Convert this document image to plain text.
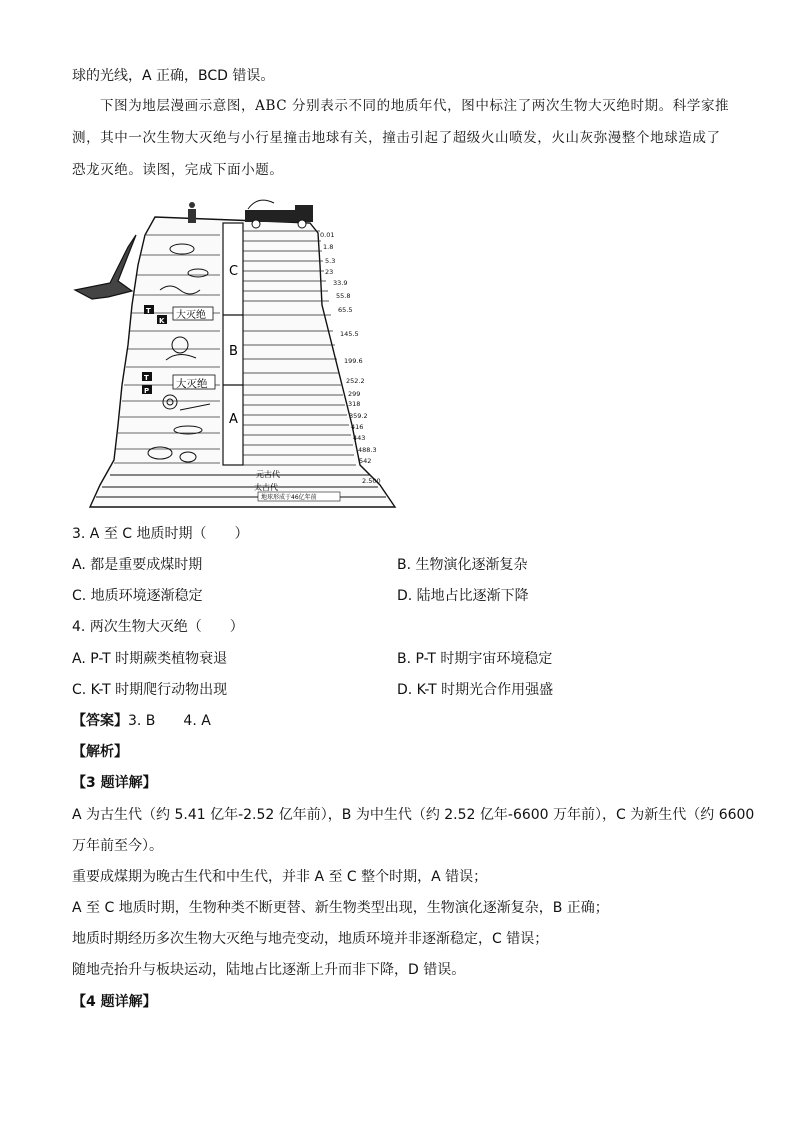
球的光线，A 正确，BCD 错误。
下图为地层漫画示意图，ABC 分别表示不同的地质年代，图中标注了两次生物大灭绝时期。科学家推
测，其中一次生物大灭绝与小行星撞击地球有关，撞击引起了超级火山喷发，火山灰弥漫整个地球造成了
恐龙灭绝。读图，完成下面小题。
C
B
A
0.01
1.8
5.3
23
33.9
55.8
65.5
145.5
199.6
252.2
299
318
359.2
416
443
488.3
542
2.500
元古代
太古代
地球形成于46亿年前
T
K
T
P
大灭绝
大灭绝
3. A 至 C 地质时期（　　）
A. 都是重要成煤时期	B. 生物演化逐渐复杂
C. 地质环境逐渐稳定	D. 陆地占比逐渐下降
4. 两次生物大灭绝（　　）
A. P-T 时期蕨类植物衰退	B. P-T 时期宇宙环境稳定
C. K-T 时期爬行动物出现	D. K-T 时期光合作用强盛
【答案】3. B　　4. A
【解析】
【3 题详解】
A 为古生代（约 5.41 亿年-2.52 亿年前），B 为中生代（约 2.52 亿年-6600 万年前），C 为新生代（约 6600
万年前至今）。
重要成煤期为晚古生代和中生代，并非 A 至 C 整个时期，A 错误；
A 至 C 地质时期，生物种类不断更替、新生物类型出现，生物演化逐渐复杂，B 正确；
地质时期经历多次生物大灭绝与地壳变动，地质环境并非逐渐稳定，C 错误；
随地壳抬升与板块运动，陆地占比逐渐上升而非下降，D 错误。
【4 题详解】
